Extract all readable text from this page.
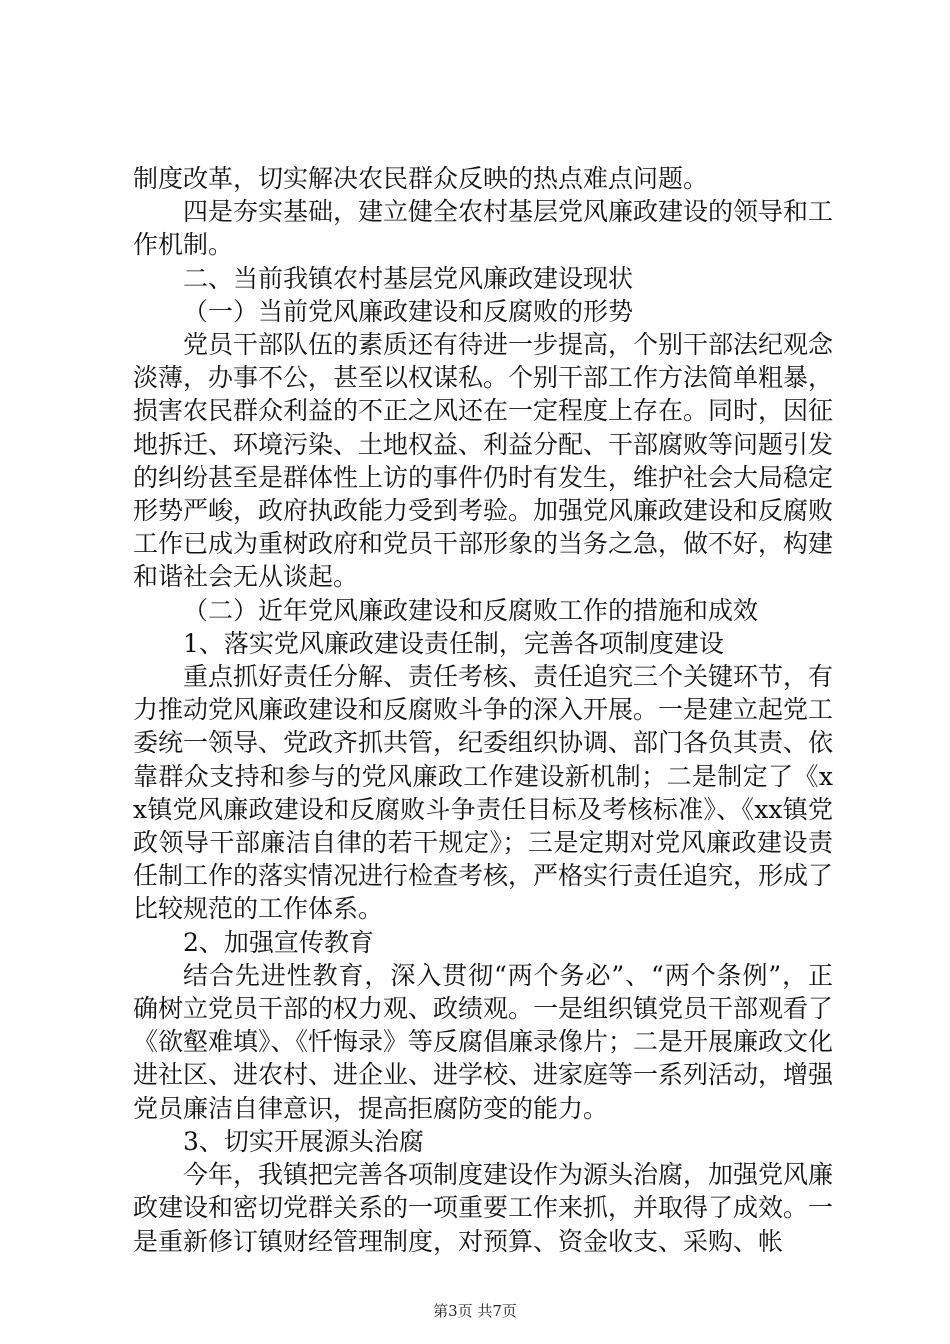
制度改革，切实解决农民群众反映的热点难点问题。

四是夯实基础，建立健全农村基层党风廉政建设的领导和工作机制。

二、当前我镇农村基层党风廉政建设现状

（一）当前党风廉政建设和反腐败的形势

党员干部队伍的素质还有待进一步提高，个别干部法纪观念淡薄，办事不公，甚至以权谋私。个别干部工作方法简单粗暴，损害农民群众利益的不正之风还在一定程度上存在。同时，因征地拆迁、环境污染、土地权益、利益分配、干部腐败等问题引发的纠纷甚至是群体性上访的事件仍时有发生，维护社会大局稳定形势严峻，政府执政能力受到考验。加强党风廉政建设和反腐败工作已成为重树政府和党员干部形象的当务之急，做不好，构建和谐社会无从谈起。

（二）近年党风廉政建设和反腐败工作的措施和成效

1、落实党风廉政建设责任制，完善各项制度建设

重点抓好责任分解、责任考核、责任追究三个关键环节，有力推动党风廉政建设和反腐败斗争的深入开展。一是建立起党工委统一领导、党政齐抓共管，纪委组织协调、部门各负其责、依靠群众支持和参与的党风廉政工作建设新机制；二是制定了《xx镇党风廉政建设和反腐败斗争责任目标及考核标准》、《xx镇党政领导干部廉洁自律的若干规定》；三是定期对党风廉政建设责任制工作的落实情况进行检查考核，严格实行责任追究，形成了比较规范的工作体系。

2、加强宣传教育

结合先进性教育，深入贯彻“两个务必”、“两个条例”，正确树立党员干部的权力观、政绩观。一是组织镇党员干部观看了《欲壑难填》、《忏悔录》等反腐倡廉录像片；二是开展廉政文化进社区、进农村、进企业、进学校、进家庭等一系列活动，增强党员廉洁自律意识，提高拒腐防变的能力。

3、切实开展源头治腐

今年，我镇把完善各项制度建设作为源头治腐，加强党风廉政建设和密切党群关系的一项重要工作来抓，并取得了成效。一是重新修订镇财经管理制度，对预算、资金收支、采购、帐

第3页 共7页
